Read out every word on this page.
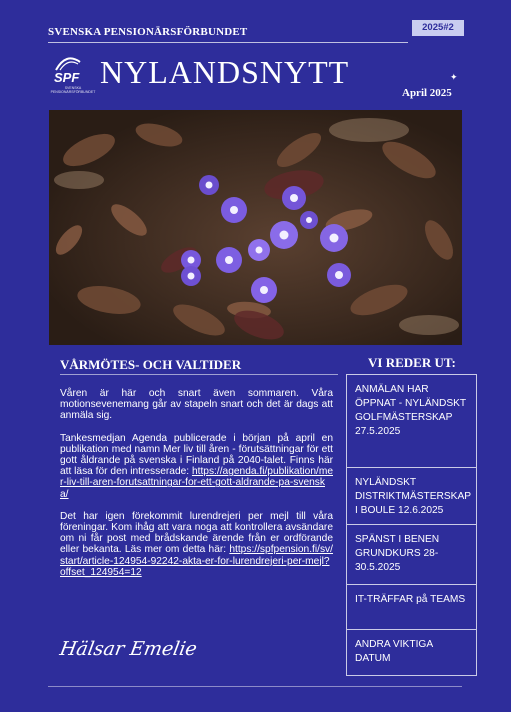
SVENSKA PENSIONÄRSFÖRBUNDET	2025#2
SPF
SVENSKA PENSIONÄRSFÖRBUNDET
NYLANDSNYTT	✦
April 2025
VÅRMÖTES- OCH VALTIDER

Våren är här och snart även sommaren. Våra motionsevenemang går av stapeln snart och det är dags att anmäla sig.

Tankesmedjan Agenda publicerade i början på april en publikation med namn Mer liv till åren - förutsättningar för ett gott åldrande på svenska i Finland på 2040-talet. Finns här att läsa för den intresserade: https://agenda.fi/publikation/mer-liv-till-aren-forutsattningar-for-ett-gott-aldrande-pa-svenska/

Det har igen förekommit lurendrejeri per mejl till våra föreningar. Kom ihåg att vara noga att kontrollera avsändare om ni får post med brådskande ärende från er ordförande eller bekanta. Läs mer om detta här: https://spfpension.fi/sv/start/article-124954-92242-akta-er-for-lurendrejeri-per-mejl?offset_124954=12

Hälsar Emelie
VI REDER UT:
ANMÄLAN HAR ÖPPNAT - NYLÄNDSKT GOLFMÄSTERSKAP 27.5.2025
NYLÄNDSKT DISTRIKTMÄSTERSKAP I BOULE 12.6.2025
SPÄNST I BENEN GRUNDKURS 28-30.5.2025
IT-TRÄFFAR på TEAMS
ANDRA VIKTIGA DATUM
